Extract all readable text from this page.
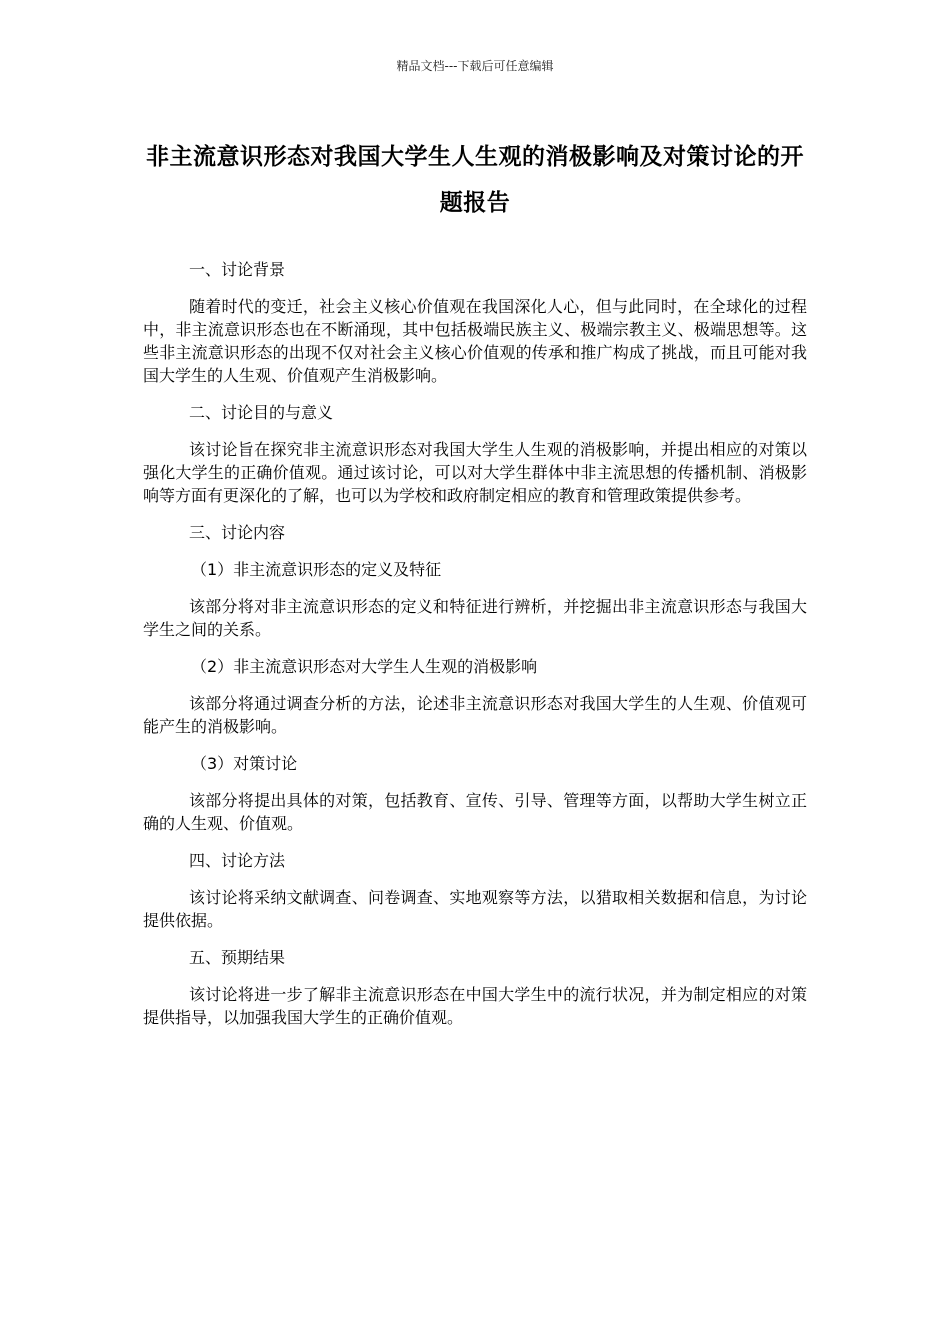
精品文档---下载后可任意编辑
非主流意识形态对我国大学生人生观的消极影响及对策讨论的开题报告

一、讨论背景

随着时代的变迁，社会主义核心价值观在我国深化人心，但与此同时，在全球化的过程中，非主流意识形态也在不断涌现，其中包括极端民族主义、极端宗教主义、极端思想等。这些非主流意识形态的出现不仅对社会主义核心价值观的传承和推广构成了挑战，而且可能对我国大学生的人生观、价值观产生消极影响。

二、讨论目的与意义

该讨论旨在探究非主流意识形态对我国大学生人生观的消极影响，并提出相应的对策以强化大学生的正确价值观。通过该讨论，可以对大学生群体中非主流思想的传播机制、消极影响等方面有更深化的了解，也可以为学校和政府制定相应的教育和管理政策提供参考。

三、讨论内容

（1）非主流意识形态的定义及特征

该部分将对非主流意识形态的定义和特征进行辨析，并挖掘出非主流意识形态与我国大学生之间的关系。

（2）非主流意识形态对大学生人生观的消极影响

该部分将通过调查分析的方法，论述非主流意识形态对我国大学生的人生观、价值观可能产生的消极影响。

（3）对策讨论

该部分将提出具体的对策，包括教育、宣传、引导、管理等方面，以帮助大学生树立正确的人生观、价值观。

四、讨论方法

该讨论将采纳文献调查、问卷调查、实地观察等方法，以猎取相关数据和信息，为讨论提供依据。

五、预期结果

该讨论将进一步了解非主流意识形态在中国大学生中的流行状况，并为制定相应的对策提供指导，以加强我国大学生的正确价值观。
